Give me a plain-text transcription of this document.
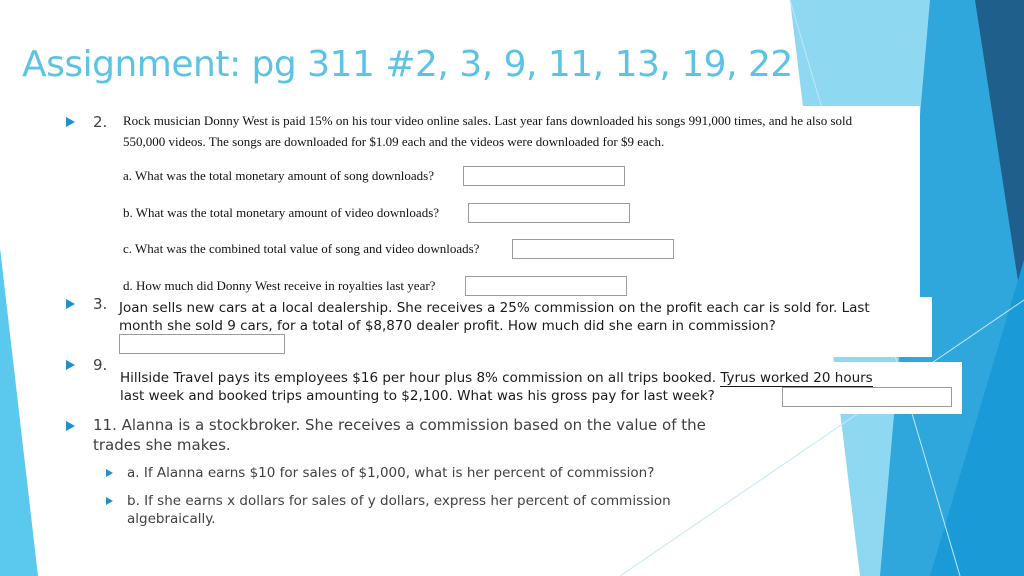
Assignment: pg 311 #2, 3, 9, 11, 13, 19, 22
2. Rock musician Donny West is paid 15% on his tour video online sales. Last year fans downloaded his songs 991,000 times, and he also sold
550,000 videos. The songs are downloaded for $1.09 each and the videos were downloaded for $9 each.
a. What was the total monetary amount of song downloads?
b. What was the total monetary amount of video downloads?
c. What was the combined total value of song and video downloads?
d. How much did Donny West receive in royalties last year?
3. Joan sells new cars at a local dealership. She receives a 25% commission on the profit each car is sold for. Last
month she sold 9 cars, for a total of $8,870 dealer profit. How much did she earn in commission?
9.
Hillside Travel pays its employees $16 per hour plus 8% commission on all trips booked. Tyrus worked 20 hours
last week and booked trips amounting to $2,100. What was his gross pay for last week?
11. Alanna is a stockbroker. She receives a commission based on the value of the
trades she makes.
a. If Alanna earns $10 for sales of $1,000, what is her percent of commission?
b. If she earns x dollars for sales of y dollars, express her percent of commission
algebraically.
